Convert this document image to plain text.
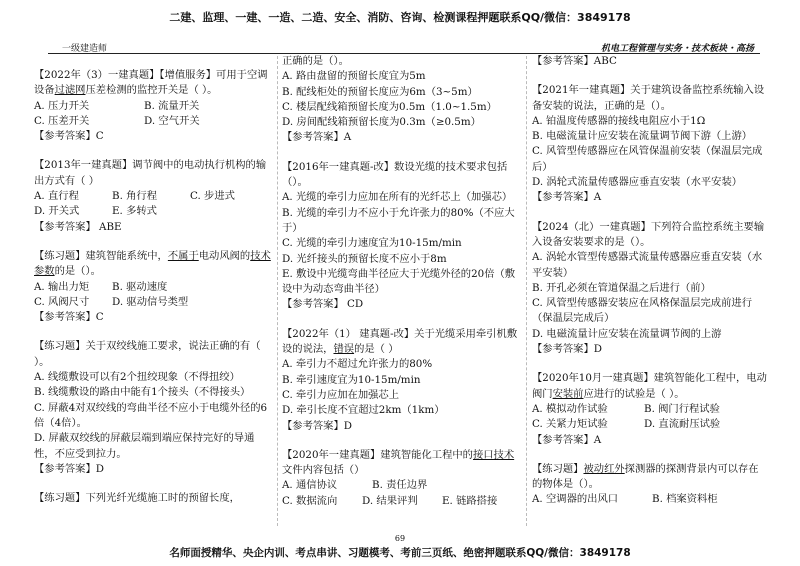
二建、监理、一建、一造、二造、安全、消防、咨询、检测课程押题联系QQ/微信：3849178
一级建造师	机电工程管理与实务・技术板块・高扬

【2022年（3）一建真题】【增值服务】可用于空调设备过滤网压差检测的监控开关是（ ）。

A. 压力开关	B. 流量开关

C. 压差开关	D. 空气开关

【参考答案】C

【2013年一建真题】调节阀中的电动执行机构的输出方式有（ ）

A. 直行程	B. 角行程	C. 步进式

D. 开关式	E. 多转式

【参考答案】 ABE

【练习题】建筑智能系统中，不属于电动风阀的技术参数的是（）。

A. 输出力矩 B. 驱动速度

C. 风阀尺寸 D. 驱动信号类型

【参考答案】C

【练习题】关于双绞线施工要求，说法正确的有（ ）。

A. 线缆敷设可以有2个扭绞现象（不得扭绞）

B. 线缆敷设的路由中能有1个接头（不得接头）

C. 屏蔽4对双绞线的弯曲半径不应小于电缆外径的6倍（4倍）。

D. 屏蔽双绞线的屏蔽层端到端应保持完好的导通性，不应受到拉力。

【参考答案】D

【练习题】下列光纤光缆施工时的预留长度，

正确的是（）。

A. 路由盘留的预留长度宜为5m

B. 配线柜处的预留长度应为6m（3~5m）

C. 楼层配线箱预留长度为0.5m（1.0~1.5m）

D. 房间配线箱预留长度为0.3m（≥0.5m）

【参考答案】A

【2016年一建真题-改】数设光缆的技术要求包括（）。

A. 光缆的牵引力应加在所有的光纤芯上（加强芯）

B. 光缆的牵引力不应小于允许张力的80%（不应大于）

C. 光缆的牵引力速度宜为10-15m/min

D. 光纤接头的预留长度不应小于8m

E. 敷设中光缆弯曲半径应大于光缆外径的20倍（敷设中为动态弯曲半径）

【参考答案】 CD

【2022年（1） 建真题-改】关于光缆采用牵引机敷设的说法，错误的是（ ）

A. 牵引力不超过允许张力的80%

B. 牵引速度宜为10-15m/min

C. 牵引力应加在加强芯上

D. 牵引长度不宜超过2km（1km）

【参考答案】D

【2020年一建真题】建筑智能化工程中的接口技术文件内容包括（）

A. 通信协议	B. 责任边界

C. 数据流向 D. 结果评判 E. 链路搭接

【参考答案】ABC

【2021年一建真题】关于建筑设备监控系统输入设备安装的说法，正确的是（）。

A. 铂温度传感器的接线电阻应小于1Ω

B. 电磁流量计应安装在流量调节阀下游（上游）

C. 风管型传感器应在风管保温前安装（保温层完成后）

D. 涡轮式流量传感器应垂直安装（水平安装）

【参考答案】A

【2024（北）一建真题】下列符合监控系统主要输入设备安装要求的是（）。

A. 涡轮水管型传感器式流量传感器应垂直安装（水平安装）

B. 开孔必须在管道保温之后进行（前）

C. 风管型传感器安装应在风格保温层完成前进行（保温层完成后）

D. 电磁流量计应安装在流量调节阀的上游

【参考答案】D

【2020年10月一建真题】建筑智能化工程中，电动阀门安装前应进行的试验是（ ）。

A. 模拟动作试验	B. 阀门行程试验

C. 关紧力矩试验	D. 直流耐压试验

【参考答案】A

【练习题】被动红外探测器的探测背景内可以存在的物体是（）。

A. 空调器的出风口	B. 档案资料柜

69
名师面授精华、央企内训、考点串讲、习题模考、考前三页纸、绝密押题联系QQ/微信：3849178
